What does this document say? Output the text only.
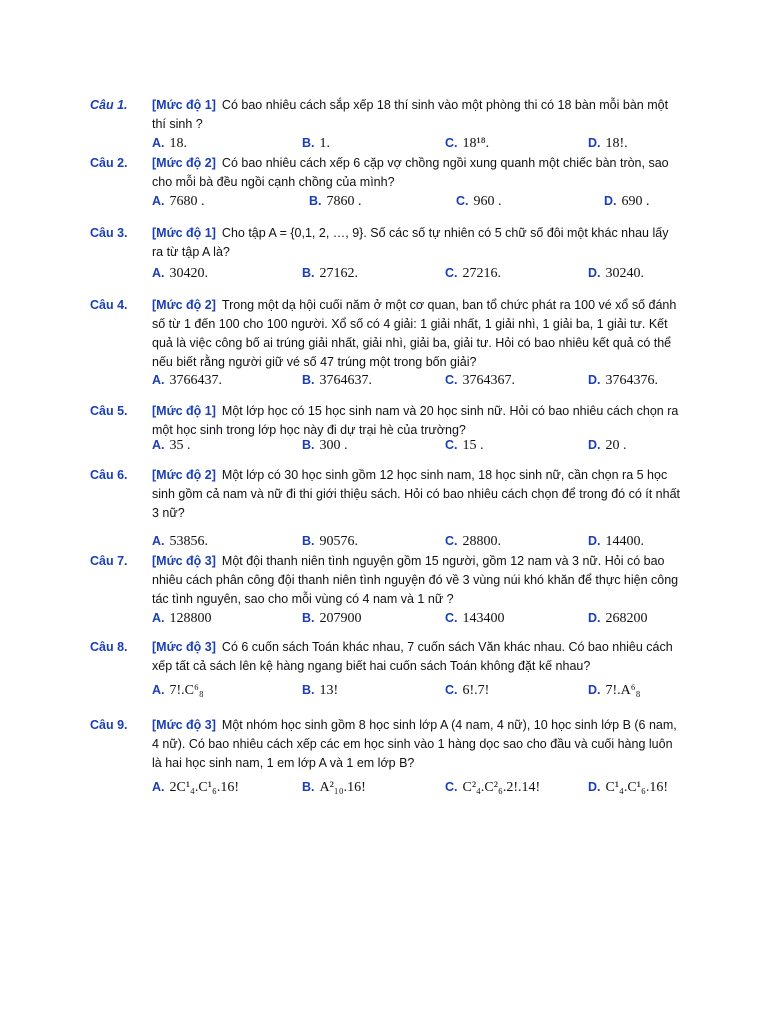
Câu 1.	[Mức độ 1] Có bao nhiêu cách sắp xếp 18 thí sinh vào một phòng thi có 18 bàn mỗi bàn một thí sinh ?
A. 18.	B. 1.	C. 18¹⁸.	D. 18!.
Câu 2.	[Mức độ 2] Có bao nhiêu cách xếp 6 cặp vợ chồng ngồi xung quanh một chiếc bàn tròn, sao cho mỗi bà đều ngồi cạnh chồng của mình?
A. 7680 .	B. 7860 .	C. 960 .	D. 690 .
Câu 3.	[Mức độ 1] Cho tập A = {0,1, 2, …, 9}. Số các số tự nhiên có 5 chữ số đôi một khác nhau lấy ra từ tập A là?
A. 30420.	B. 27162.	C. 27216.	D. 30240.
Câu 4.	[Mức độ 2] Trong một dạ hội cuối năm ở một cơ quan, ban tổ chức phát ra 100 vé xổ số đánh số từ 1 đến 100 cho 100 người. Xổ số có 4 giải: 1 giải nhất, 1 giải nhì, 1 giải ba, 1 giải tư. Kết quả là việc công bố ai trúng giải nhất, giải nhì, giải ba, giải tư. Hỏi có bao nhiêu kết quả có thể nếu biết rằng người giữ vé số 47 trúng một trong bốn giải?
A. 3766437.	B. 3764637.	C. 3764367.	D. 3764376.
Câu 5.	[Mức độ 1] Một lớp học có 15 học sinh nam và 20 học sinh nữ. Hỏi có bao nhiêu cách chọn ra một học sinh trong lớp học này đi dự trại hè của trường?
A. 35 .	B. 300 .	C. 15 .	D. 20 .
Câu 6.	[Mức độ 2] Một lớp có 30 học sinh gồm 12 học sinh nam, 18 học sinh nữ, cần chọn ra 5 học sinh gồm cả nam và nữ đi thi giới thiệu sách. Hỏi có bao nhiêu cách chọn để trong đó có ít nhất 3 nữ?
A. 53856.	B. 90576.	C. 28800.	D. 14400.
Câu 7.	[Mức độ 3] Một đội thanh niên tình nguyện gồm 15 người, gồm 12 nam và 3 nữ. Hỏi có bao nhiêu cách phân công đội thanh niên tình nguyện đó về 3 vùng núi khó khăn để thực hiện công tác tình nguyên, sao cho mỗi vùng có 4 nam và 1 nữ ?
A. 128800	B. 207900	C. 143400	D. 268200
Câu 8.	[Mức độ 3] Có 6 cuốn sách Toán khác nhau, 7 cuốn sách Văn khác nhau. Có bao nhiêu cách xếp tất cả sách lên kệ hàng ngang biết hai cuốn sách Toán không đặt kế nhau?
A. 7!.C⁶₈	B. 13!	C. 6!.7!	D. 7!.A⁶₈
Câu 9.	[Mức độ 3] Một nhóm học sinh gồm 8 học sinh lớp A (4 nam, 4 nữ), 10 học sinh lớp B (6 nam, 4 nữ). Có bao nhiêu cách xếp các em học sinh vào 1 hàng dọc sao cho đầu và cuối hàng luôn là hai học sinh nam, 1 em lớp A và 1 em lớp B?
A. 2C¹₄.C¹₆.16!	B. A²₁₀.16!	C. C²₄.C²₆.2!.14!	D. C¹₄.C¹₆.16!
